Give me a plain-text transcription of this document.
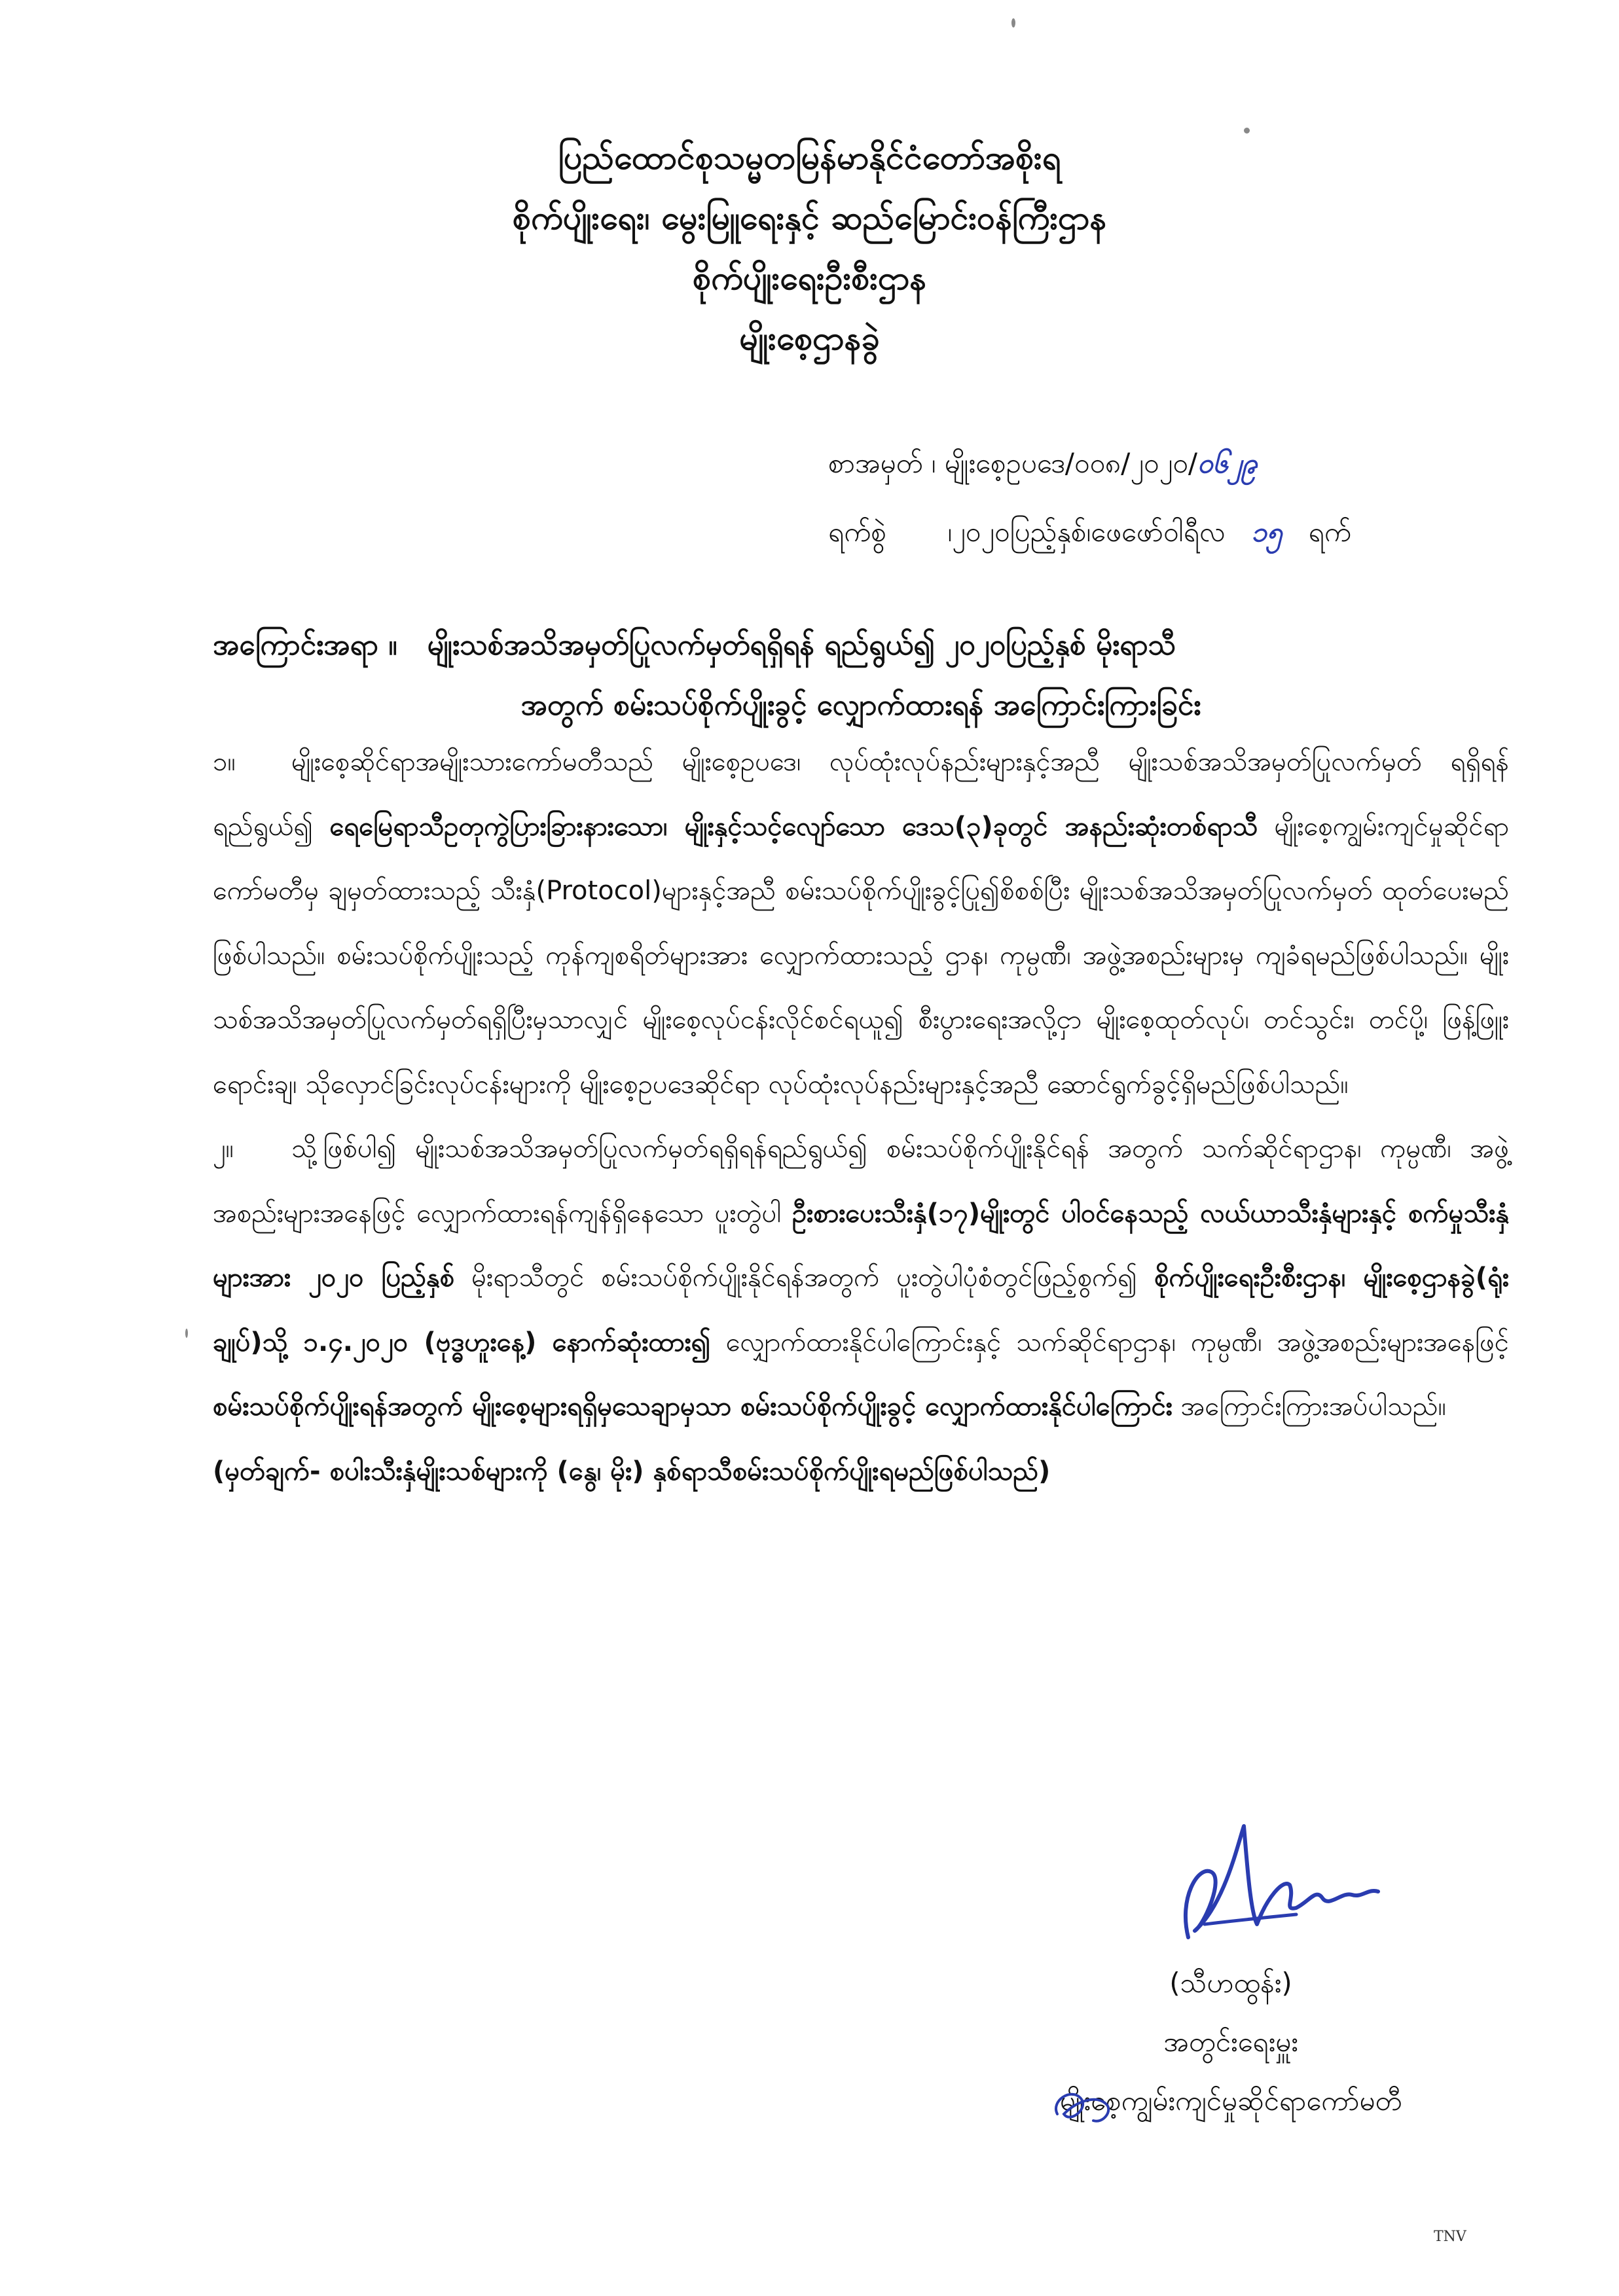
ပြည်ထောင်စုသမ္မတမြန်မာနိုင်ငံတော်အစိုးရ
စိုက်ပျိုးရေး၊ မွေးမြူရေးနှင့် ဆည်မြောင်းဝန်ကြီးဌာန
စိုက်ပျိုးရေးဦးစီးဌာန
မျိုးစေ့ဌာနခွဲ
စာအမှတ် ၊ မျိုးစေ့ဥပဒေ/၀၀၈/၂၀၂၀/၀၆၂၉
ရက်စွဲ ၊၂၀၂၀ပြည့်နှစ်၊ဖေဖော်ဝါရီလ ၁၅ ရက်
အကြောင်းအရာ ။ မျိုးသစ်အသိအမှတ်ပြုလက်မှတ်ရရှိရန် ရည်ရွယ်၍ ၂၀၂၀ပြည့်နှစ် မိုးရာသီ
အတွက် စမ်းသပ်စိုက်ပျိုးခွင့် လျှောက်ထားရန် အကြောင်းကြားခြင်း

၁။ မျိုးစေ့ဆိုင်ရာအမျိုးသားကော်မတီသည် မျိုးစေ့ဥပဒေ၊ လုပ်ထုံးလုပ်နည်းများနှင့်အညီ မျိုးသစ်အသိအမှတ်ပြုလက်မှတ် ရရှိရန်ရည်ရွယ်၍ ရေမြေရာသီဥတုကွဲပြားခြားနားသော၊ မျိုးနှင့်သင့်လျော်သော ဒေသ(၃)ခုတွင် အနည်းဆုံးတစ်ရာသီ မျိုးစေ့ကျွမ်းကျင်မှုဆိုင်ရာကော်မတီမှ ချမှတ်ထားသည့် သီးနှံ(Protocol)များနှင့်အညီ စမ်းသပ်စိုက်ပျိုးခွင့်ပြု၍စိစစ်ပြီး မျိုးသစ်အသိအမှတ်ပြုလက်မှတ် ထုတ်ပေးမည်ဖြစ်ပါသည်။ စမ်းသပ်စိုက်ပျိုးသည့် ကုန်ကျစရိတ်များအား လျှောက်ထားသည့် ဌာန၊ ကုမ္ပဏီ၊ အဖွဲ့အစည်းများမှ ကျခံရမည်ဖြစ်ပါသည်။ မျိုးသစ်အသိအမှတ်ပြုလက်မှတ်ရရှိပြီးမှသာလျှင် မျိုးစေ့လုပ်ငန်းလိုင်စင်ရယူ၍ စီးပွားရေးအလို့ငှာ မျိုးစေ့ထုတ်လုပ်၊ တင်သွင်း၊ တင်ပို့၊ ဖြန့်ဖြူးရောင်းချ၊ သိုလှောင်ခြင်းလုပ်ငန်းများကို မျိုးစေ့ဥပဒေဆိုင်ရာ လုပ်ထုံးလုပ်နည်းများနှင့်အညီ ဆောင်ရွက်ခွင့်ရှိမည်ဖြစ်ပါသည်။

၂။ သို့ဖြစ်ပါ၍ မျိုးသစ်အသိအမှတ်ပြုလက်မှတ်ရရှိရန်ရည်ရွယ်၍ စမ်းသပ်စိုက်ပျိုးနိုင်ရန် အတွက် သက်ဆိုင်ရာဌာန၊ ကုမ္ပဏီ၊ အဖွဲ့အစည်းများအနေဖြင့် လျှောက်ထားရန်ကျန်ရှိနေသော ပူးတွဲပါ ဦးစားပေးသီးနှံ(၁၇)မျိုးတွင် ပါဝင်နေသည့် လယ်ယာသီးနှံများနှင့် စက်မှုသီးနှံများအား ၂၀၂၀ ပြည့်နှစ် မိုးရာသီတွင် စမ်းသပ်စိုက်ပျိုးနိုင်ရန်အတွက် ပူးတွဲပါပုံစံတွင်ဖြည့်စွက်၍ စိုက်ပျိုးရေးဦးစီးဌာန၊ မျိုးစေ့ဌာနခွဲ(ရုံးချုပ်)သို့ ၁.၄.၂၀၂၀ (ဗုဒ္ဓဟူးနေ့) နောက်ဆုံးထား၍ လျှောက်ထားနိုင်ပါကြောင်းနှင့် သက်ဆိုင်ရာဌာန၊ ကုမ္ပဏီ၊ အဖွဲ့အစည်းများအနေဖြင့် စမ်းသပ်စိုက်ပျိုးရန်အတွက် မျိုးစေ့များရရှိမှသေချာမှသာ စမ်းသပ်စိုက်ပျိုးခွင့် လျှောက်ထားနိုင်ပါကြောင်း အကြောင်းကြားအပ်ပါသည်။

(မှတ်ချက်- စပါးသီးနှံမျိုးသစ်များကို (နွေ၊ မိုး) နှစ်ရာသီစမ်းသပ်စိုက်ပျိုးရမည်ဖြစ်ပါသည်)

(သီဟထွန်း)
အတွင်းရေးမှူး
မျိုးစေ့ကျွမ်းကျင်မှုဆိုင်ရာကော်မတီ
TNV
